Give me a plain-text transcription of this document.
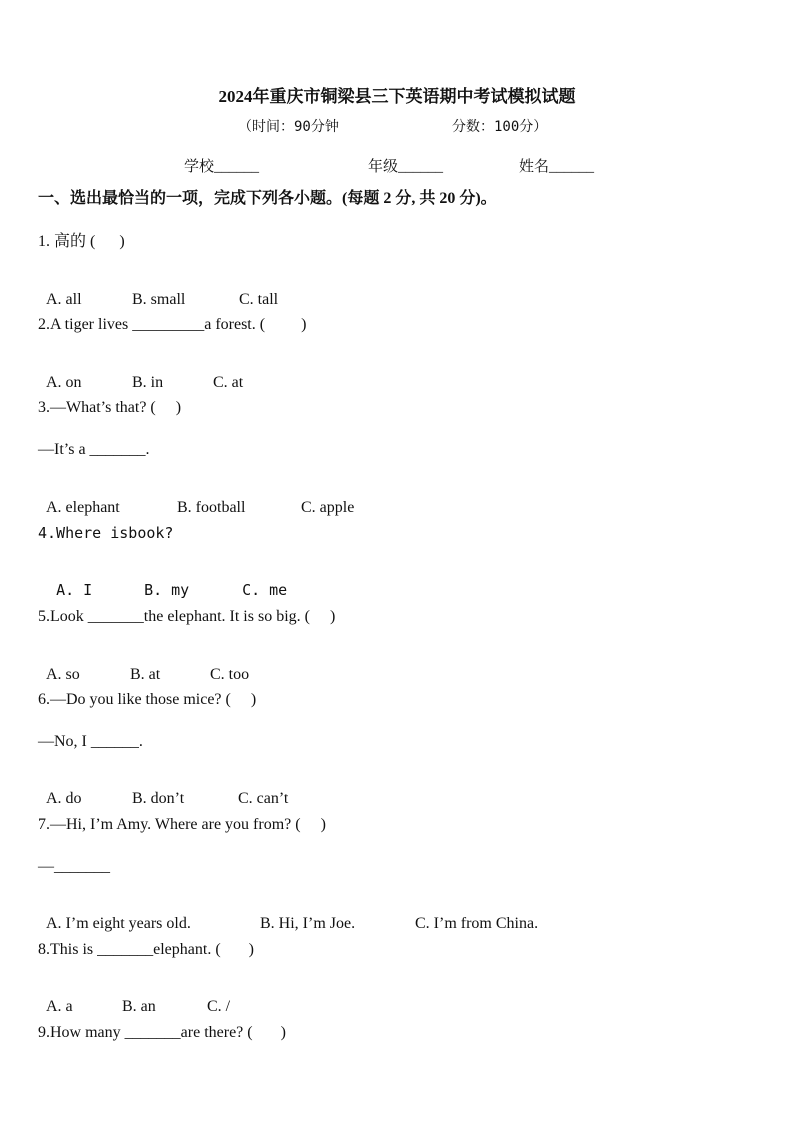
2024年重庆市铜梁县三下英语期中考试模拟试题
（时间：90分钟	分数：100分）
学校______	年级______	姓名______
一、选出最恰当的一项，完成下列各小题。(每题 2 分, 共 20 分)。
1. 高的 (      )

A. all	B. small	C. tall

2.A tiger lives _________a forest. (         )

A. on	B. in	C. at

3.—What’s that? (     )
—It’s a _______.

A. elephant	B. football	C. apple

4.Where isbook?

A. I	B. my	C. me

5.Look _______the elephant. It is so big. (     )

A. so	B. at	C. too

6.—Do you like those mice? (     )
—No, I ______.

A. do	B. don’t	C. can’t

7.—Hi, I’m Amy. Where are you from? (     )
—_______

A. I’m eight years old.	B. Hi, I’m Joe.	C. I’m from China.

8.This is _______elephant. (       )

A. a	B. an	C. /

9.How many _______are there? (       )
